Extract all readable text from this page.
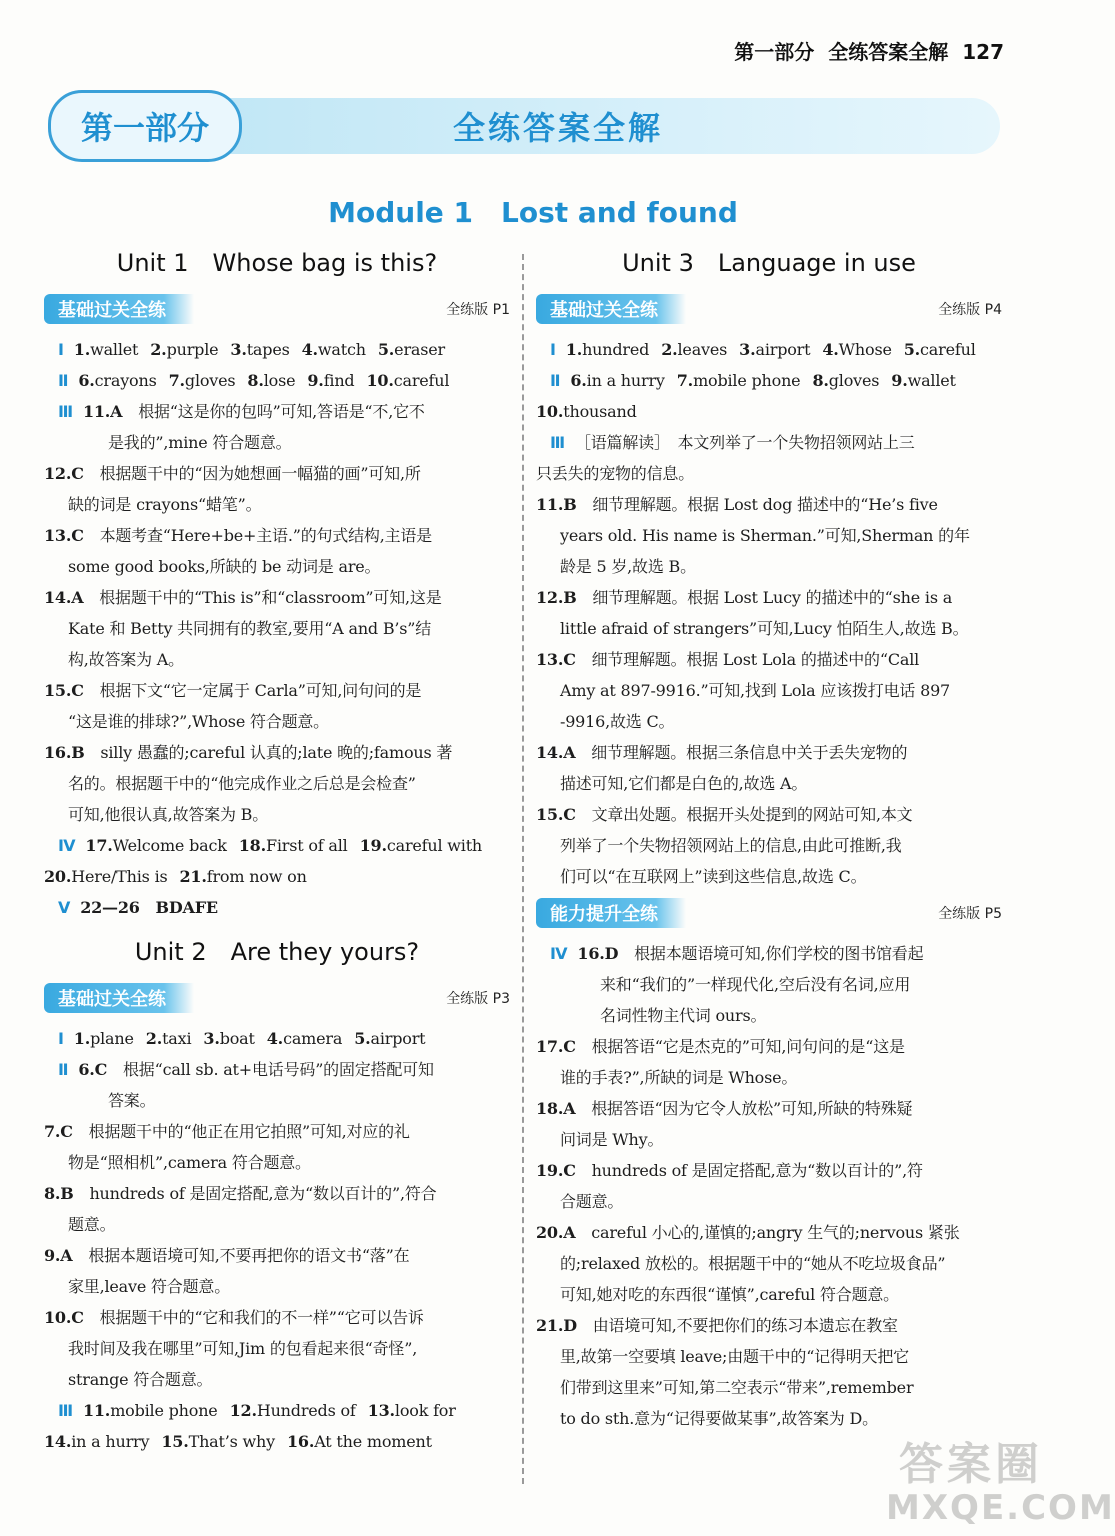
第一部分 全练答案全解 127
第一部分	全练答案全解
Module 1 Lost and found
Unit 1 Whose bag is this?
基础过关全练	全练版 P1
Ⅰ 1.wallet 2.purple 3.tapes 4.watch 5.eraser
Ⅱ 6.crayons 7.gloves 8.lose 9.find 10.careful
Ⅲ 11.A　根据“这是你的包吗”可知,答语是“不,它不
是我的”,mine 符合题意。
12.C　根据题干中的“因为她想画一幅猫的画”可知,所
缺的词是 crayons“蜡笔”。
13.C　本题考查“Here+be+主语.”的句式结构,主语是
some good books,所缺的 be 动词是 are。
14.A　根据题干中的“This is”和“classroom”可知,这是
Kate 和 Betty 共同拥有的教室,要用“A and B’s”结
构,故答案为 A。
15.C　根据下文“它一定属于 Carla”可知,问句问的是
“这是谁的排球?”,Whose 符合题意。
16.B　silly 愚蠢的;careful 认真的;late 晚的;famous 著
名的。根据题干中的“他完成作业之后总是会检查”
可知,他很认真,故答案为 B。
Ⅳ 17.Welcome back 18.First of all 19.careful with
20.Here/This is 21.from now on
Ⅴ 22—26　BDAFE
Unit 2 Are they yours?
基础过关全练	全练版 P3
Ⅰ 1.plane 2.taxi 3.boat 4.camera 5.airport
Ⅱ 6.C　根据“call sb. at+电话号码”的固定搭配可知
答案。
7.C　根据题干中的“他正在用它拍照”可知,对应的礼
物是“照相机”,camera 符合题意。
8.B　hundreds of 是固定搭配,意为“数以百计的”,符合
题意。
9.A　根据本题语境可知,不要再把你的语文书“落”在
家里,leave 符合题意。
10.C　根据题干中的“它和我们的不一样”“它可以告诉
我时间及我在哪里”可知,Jim 的包看起来很“奇怪”,
strange 符合题意。
Ⅲ 11.mobile phone 12.Hundreds of 13.look for
14.in a hurry 15.That’s why 16.At the moment
Unit 3 Language in use
基础过关全练	全练版 P4
Ⅰ 1.hundred 2.leaves 3.airport 4.Whose 5.careful
Ⅱ 6.in a hurry 7.mobile phone 8.gloves 9.wallet
10.thousand
Ⅲ ［语篇解读］　本文列举了一个失物招领网站上三
只丢失的宠物的信息。
11.B　细节理解题。根据 Lost dog 描述中的“He’s five
years old. His name is Sherman.”可知,Sherman 的年
龄是 5 岁,故选 B。
12.B　细节理解题。根据 Lost Lucy 的描述中的“she is a
little afraid of strangers”可知,Lucy 怕陌生人,故选 B。
13.C　细节理解题。根据 Lost Lola 的描述中的“Call
Amy at 897-9916.”可知,找到 Lola 应该拨打电话 897
-9916,故选 C。
14.A　细节理解题。根据三条信息中关于丢失宠物的
描述可知,它们都是白色的,故选 A。
15.C　文章出处题。根据开头处提到的网站可知,本文
列举了一个失物招领网站上的信息,由此可推断,我
们可以“在互联网上”读到这些信息,故选 C。
能力提升全练	全练版 P5
Ⅳ 16.D　根据本题语境可知,你们学校的图书馆看起
来和“我们的”一样现代化,空后没有名词,应用
名词性物主代词 ours。
17.C　根据答语“它是杰克的”可知,问句问的是“这是
谁的手表?”,所缺的词是 Whose。
18.A　根据答语“因为它令人放松”可知,所缺的特殊疑
问词是 Why。
19.C　hundreds of 是固定搭配,意为“数以百计的”,符
合题意。
20.A　careful 小心的,谨慎的;angry 生气的;nervous 紧张
的;relaxed 放松的。根据题干中的“她从不吃垃圾食品”
可知,她对吃的东西很“谨慎”,careful 符合题意。
21.D　由语境可知,不要把你们的练习本遗忘在教室
里,故第一空要填 leave;由题干中的“记得明天把它
们带到这里来”可知,第二空表示“带来”,remember
to do sth.意为“记得要做某事”,故答案为 D。
答案圈
MXQE.COM
